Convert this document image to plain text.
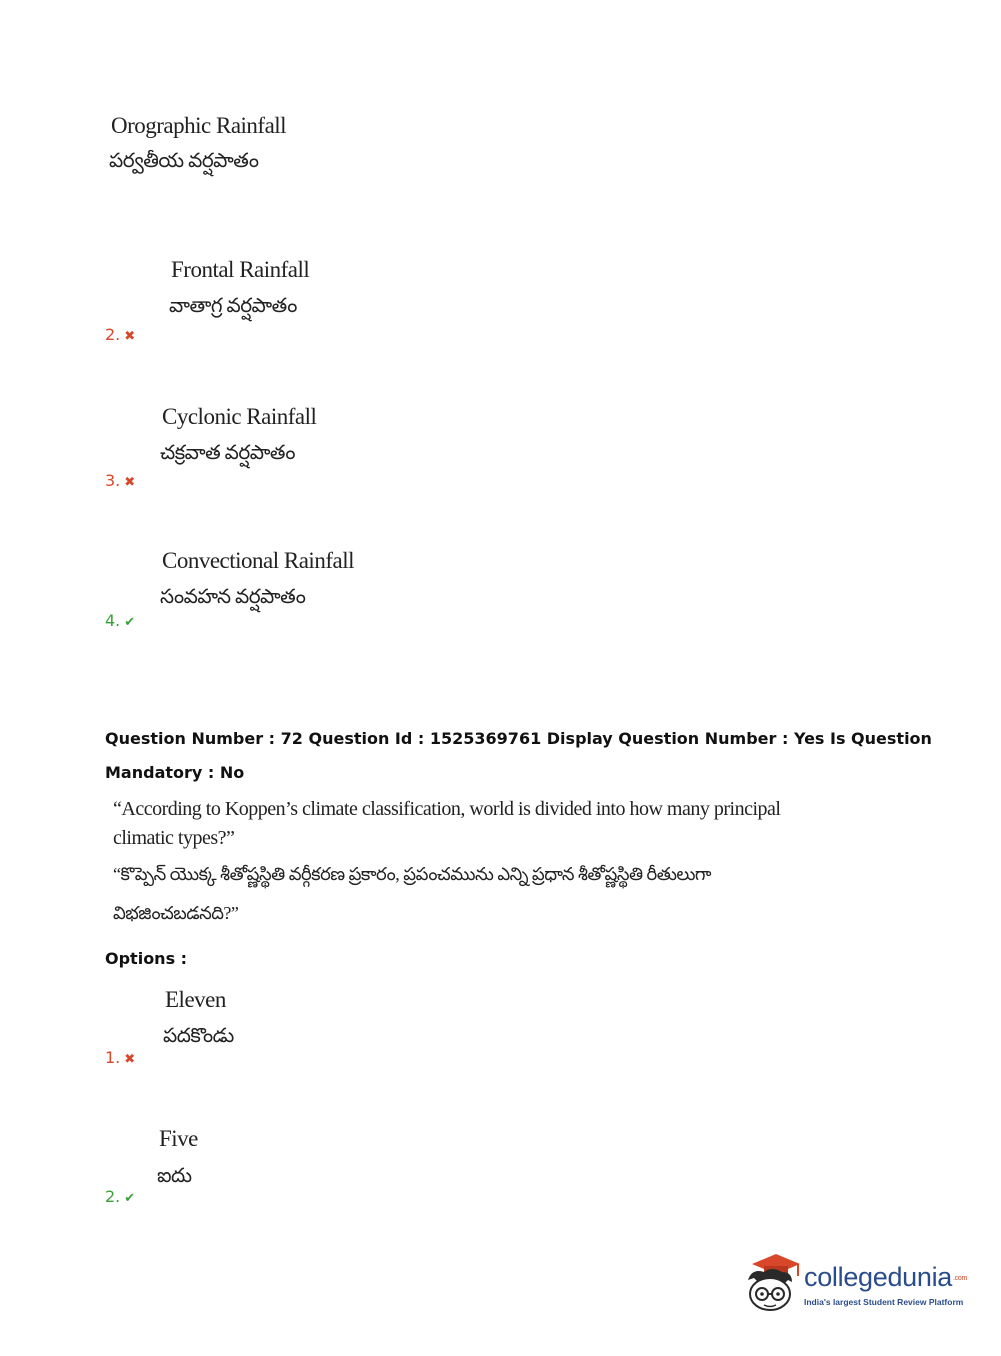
Orographic Rainfall
పర్వతీయ వర్షపాతం
Frontal Rainfall
వాతాగ్ర వర్షపాతం
2. ✖
Cyclonic Rainfall
చక్రవాత వర్షపాతం
3. ✖
Convectional Rainfall
సంవహన వర్షపాతం
4. ✔
Question Number : 72 Question Id : 1525369761 Display Question Number : Yes Is Question
Mandatory : No
“According to Koppen’s climate classification, world is divided into how many principal
climatic types?”
“కొప్పెన్ యొక్క శీతోష్ణస్థితి వర్గీకరణ ప్రకారం, ప్రపంచమును ఎన్ని ప్రధాన శీతోష్ణస్థితి రీతులుగా
విభజించబడనది?”
Options :
Eleven
పదకొండు
1. ✖
Five
ఐదు
2. ✔
collegedunia.com
India's largest Student Review Platform
